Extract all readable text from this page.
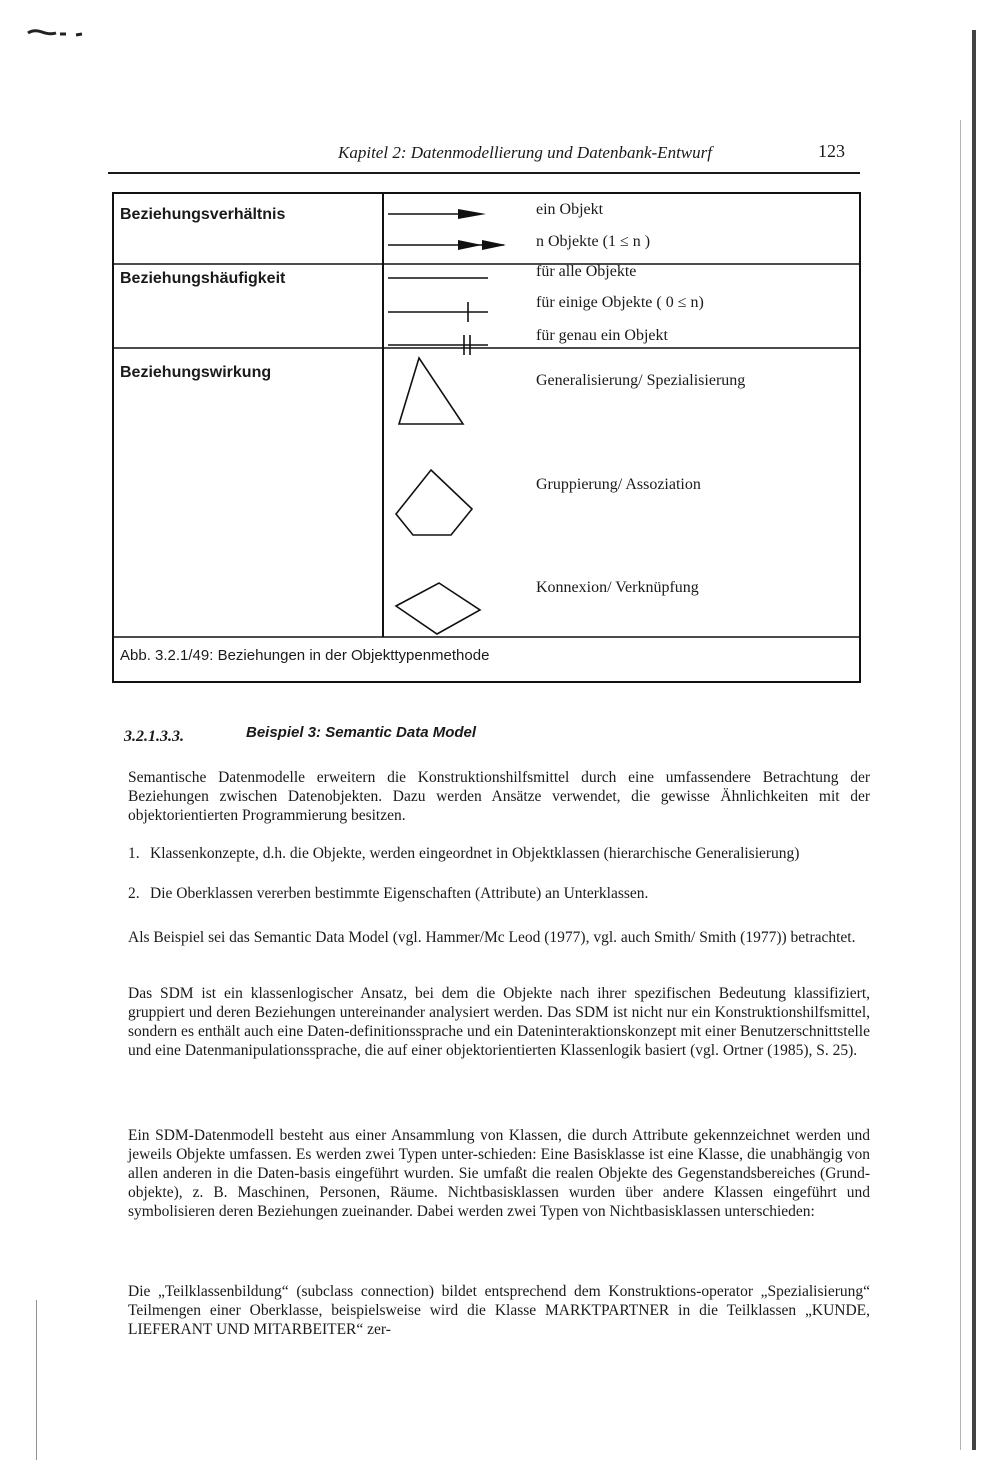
Kapitel 2: Datenmodellierung und Datenbank-Entwurf	123
Beziehungsverhältnis
Beziehungshäufigkeit
Beziehungswirkung
ein Objekt
n Objekte (1 ≤ n )
für alle Objekte
für einige Objekte ( 0 ≤ n)
für genau ein Objekt
Generalisierung/ Spezialisierung
Gruppierung/ Assoziation
Konnexion/ Verknüpfung
Abb. 3.2.1/49: Beziehungen in der Objekttypenmethode
3.2.1.3.3.	Beispiel 3: Semantic Data Model
Semantische Datenmodelle erweitern die Konstruktionshilfsmittel durch eine umfassendere Betrachtung der Beziehungen zwischen Datenobjekten. Dazu werden Ansätze verwendet, die gewisse Ähnlichkeiten mit der objektorientierten Programmierung besitzen.
1. Klassenkonzepte, d.h. die Objekte, werden eingeordnet in Objektklassen (hierarchische Generalisierung)
2. Die Oberklassen vererben bestimmte Eigenschaften (Attribute) an Unterklassen.
Als Beispiel sei das Semantic Data Model (vgl. Hammer/Mc Leod (1977), vgl. auch Smith/ Smith (1977)) betrachtet.
Das SDM ist ein klassenlogischer Ansatz, bei dem die Objekte nach ihrer spezifischen Bedeutung klassifiziert, gruppiert und deren Beziehungen untereinander analysiert werden. Das SDM ist nicht nur ein Konstruktionshilfsmittel, sondern es enthält auch eine Daten-definitionssprache und ein Dateninteraktionskonzept mit einer Benutzerschnittstelle und eine Datenmanipulationssprache, die auf einer objektorientierten Klassenlogik basiert (vgl. Ortner (1985), S. 25).
Ein SDM-Datenmodell besteht aus einer Ansammlung von Klassen, die durch Attribute gekennzeichnet werden und jeweils Objekte umfassen. Es werden zwei Typen unter-schieden: Eine Basisklasse ist eine Klasse, die unabhängig von allen anderen in die Daten-basis eingeführt wurden. Sie umfaßt die realen Objekte des Gegenstandsbereiches (Grund-objekte), z. B. Maschinen, Personen, Räume. Nichtbasisklassen wurden über andere Klassen eingeführt und symbolisieren deren Beziehungen zueinander. Dabei werden zwei Typen von Nichtbasisklassen unterschieden:
Die „Teilklassenbildung“ (subclass connection) bildet entsprechend dem Konstruktions-operator „Spezialisierung“ Teilmengen einer Oberklasse, beispielsweise wird die Klasse MARKTPARTNER in die Teilklassen „KUNDE, LIEFERANT UND MITARBEITER“ zer-
